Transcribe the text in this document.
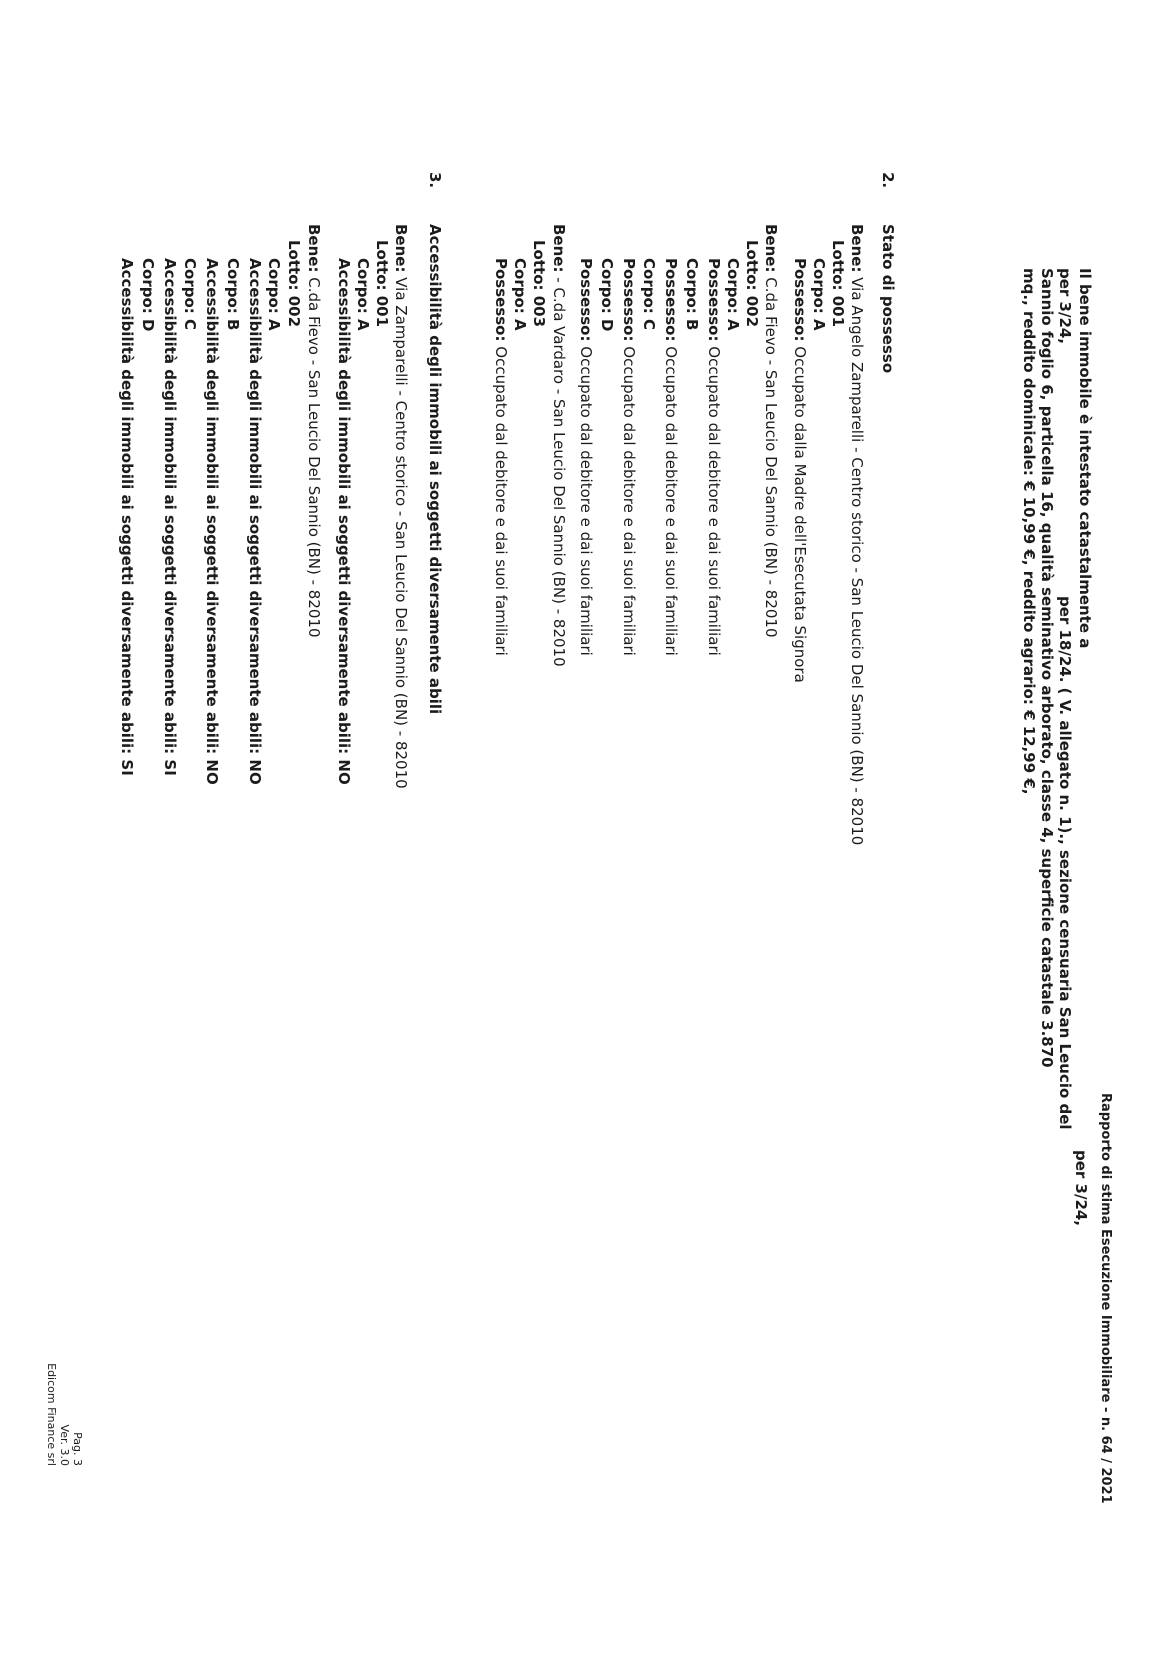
Rapporto di stima Esecuzione Immobiliare - n. 64 / 2021
Il bene immobile è intestato catastalmente a
per 3/24,
per 18/24. ( V. allegato n. 1)., sezione censuaria San Leucio del
per 3/24,
Sannio foglio 6, particella 16, qualità seminativo arborato, classe 4, superficie catastale 3.870
mq., reddito dominicale: € 10,99 €, reddito agrario: € 12,99 €,
2.
Stato di possesso
Bene: Via Angelo Zamparelli - Centro storico - San Leucio Del Sannio (BN) - 82010
Lotto: 001
Corpo: A
Possesso: Occupato dalla Madre dell'Esecutata Signora
Bene: C.da Fievo - San Leucio Del Sannio (BN) - 82010
Lotto: 002
Corpo: A
Possesso: Occupato dal debitore e dai suoi familiari
Corpo: B
Possesso: Occupato dal debitore e dai suoi familiari
Corpo: C
Possesso: Occupato dal debitore e dai suoi familiari
Corpo: D
Possesso: Occupato dal debitore e dai suoi familiari
Bene: - C.da Vardaro - San Leucio Del Sannio (BN) - 82010
Lotto: 003
Corpo: A
Possesso: Occupato dal debitore e dai suoi familiari
3.
Accessibilità degli immobili ai soggetti diversamente abili
Bene: Via Zamparelli - Centro storico - San Leucio Del Sannio (BN) - 82010
Lotto: 001
Corpo: A
Accessibilità degli immobili ai soggetti diversamente abili: NO
Bene: C.da Fievo - San Leucio Del Sannio (BN) - 82010
Lotto: 002
Corpo: A
Accessibilità degli immobili ai soggetti diversamente abili: NO
Corpo: B
Accessibilità degli immobili ai soggetti diversamente abili: NO
Corpo: C
Accessibilità degli immobili ai soggetti diversamente abili: SI
Corpo: D
Accessibilità degli immobili ai soggetti diversamente abili: SI
Pag. 3
Ver. 3.0
Edicom Finance srl
